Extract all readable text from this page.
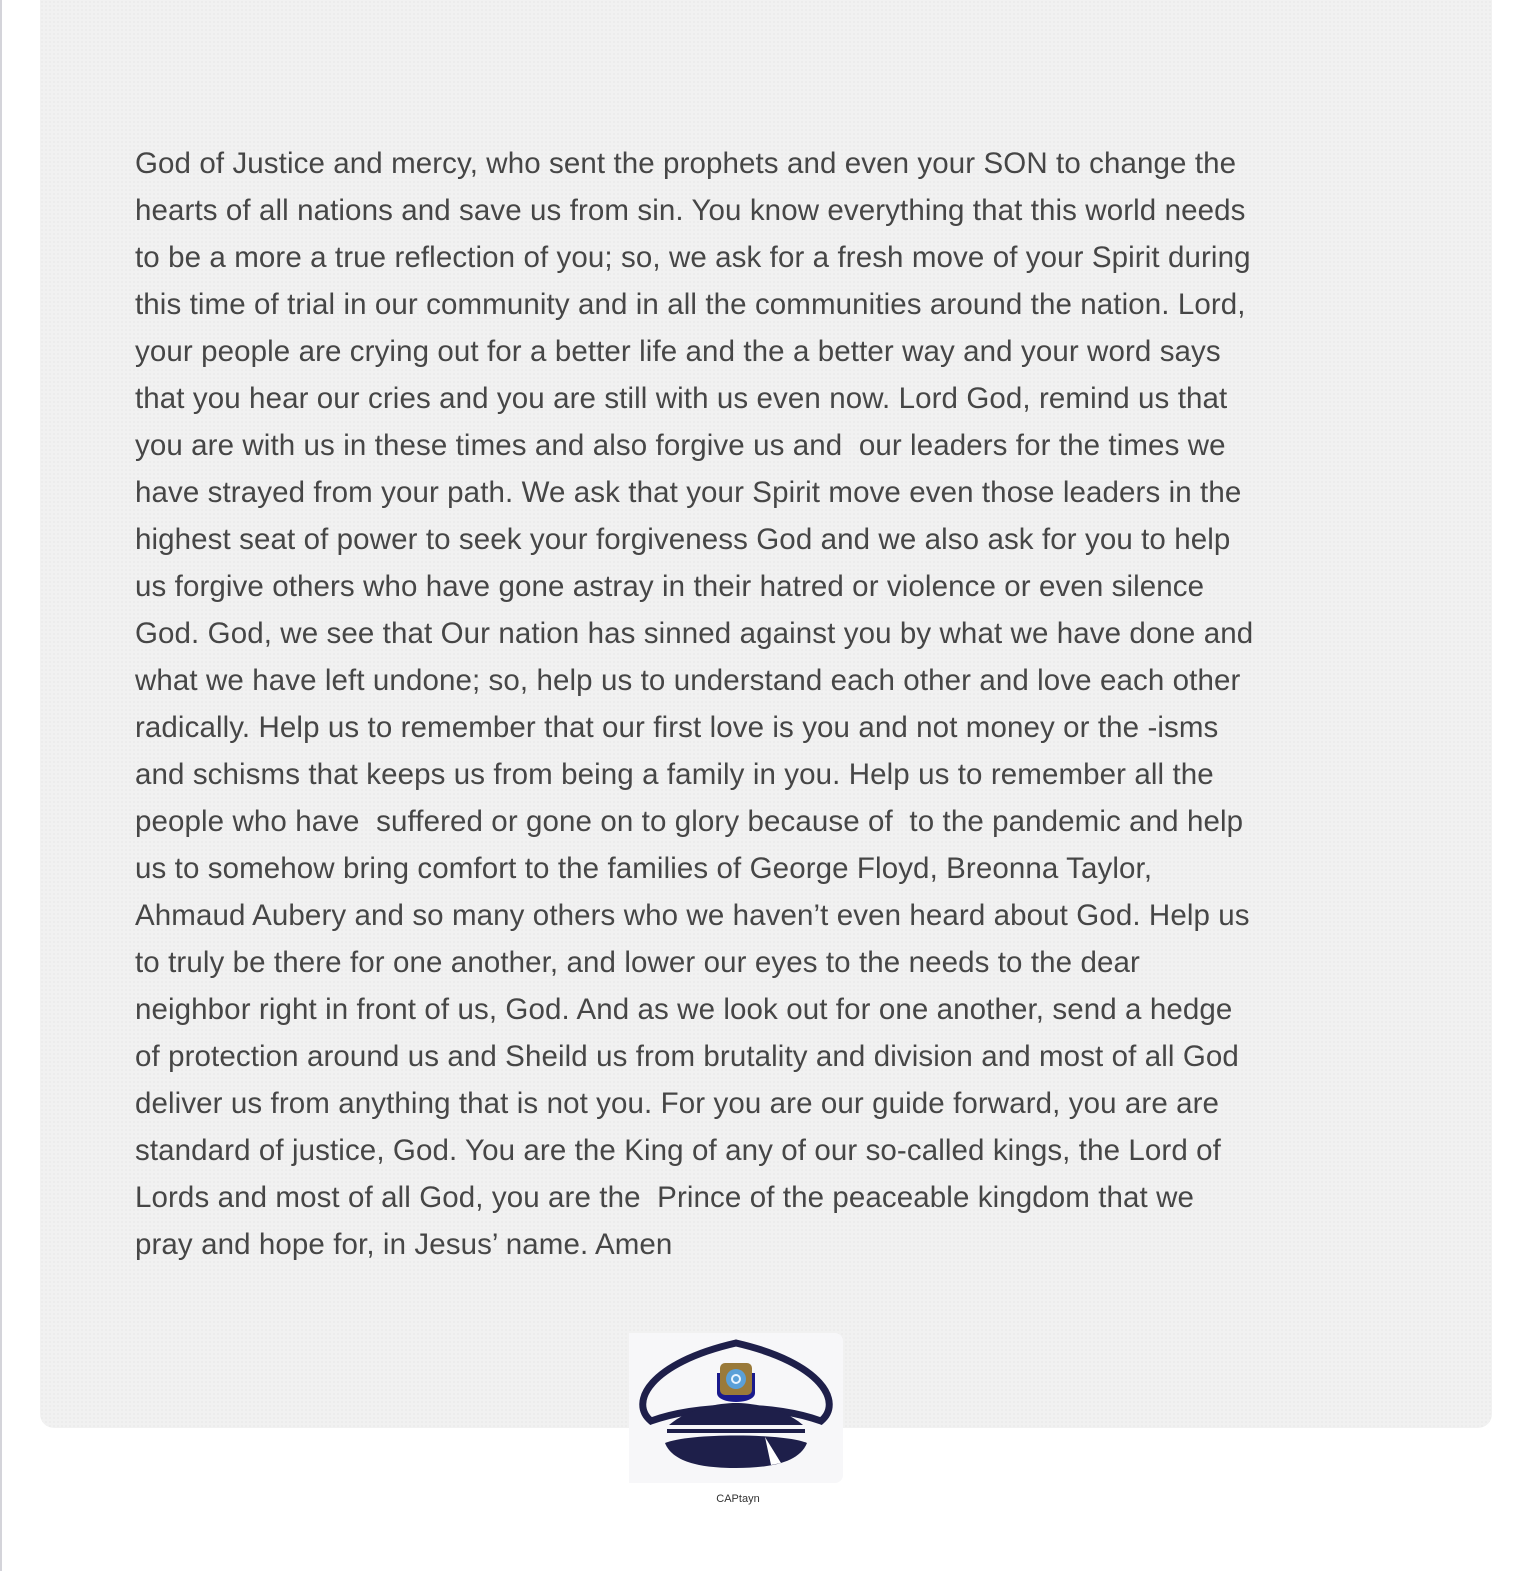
God of Justice and mercy, who sent the prophets and even your SON to change the
hearts of all nations and save us from sin. You know everything that this world needs
to be a more a true reflection of you; so, we ask for a fresh move of your Spirit during
this time of trial in our community and in all the communities around the nation. Lord,
your people are crying out for a better life and the a better way and your word says
that you hear our cries and you are still with us even now. Lord God, remind us that
you are with us in these times and also forgive us and  our leaders for the times we
have strayed from your path. We ask that your Spirit move even those leaders in the
highest seat of power to seek your forgiveness God and we also ask for you to help
us forgive others who have gone astray in their hatred or violence or even silence
God. God, we see that Our nation has sinned against you by what we have done and
what we have left undone; so, help us to understand each other and love each other
radically. Help us to remember that our first love is you and not money or the -isms
and schisms that keeps us from being a family in you. Help us to remember all the
people who have  suffered or gone on to glory because of  to the pandemic and help
us to somehow bring comfort to the families of George Floyd, Breonna Taylor,
Ahmaud Aubery and so many others who we haven’t even heard about God. Help us
to truly be there for one another, and lower our eyes to the needs to the dear
neighbor right in front of us, God. And as we look out for one another, send a hedge
of protection around us and Sheild us from brutality and division and most of all God
deliver us from anything that is not you. For you are our guide forward, you are are
standard of justice, God. You are the King of any of our so-called kings, the Lord of
Lords and most of all God, you are the  Prince of the peaceable kingdom that we
pray and hope for, in Jesus’ name. Amen
CAPtayn
